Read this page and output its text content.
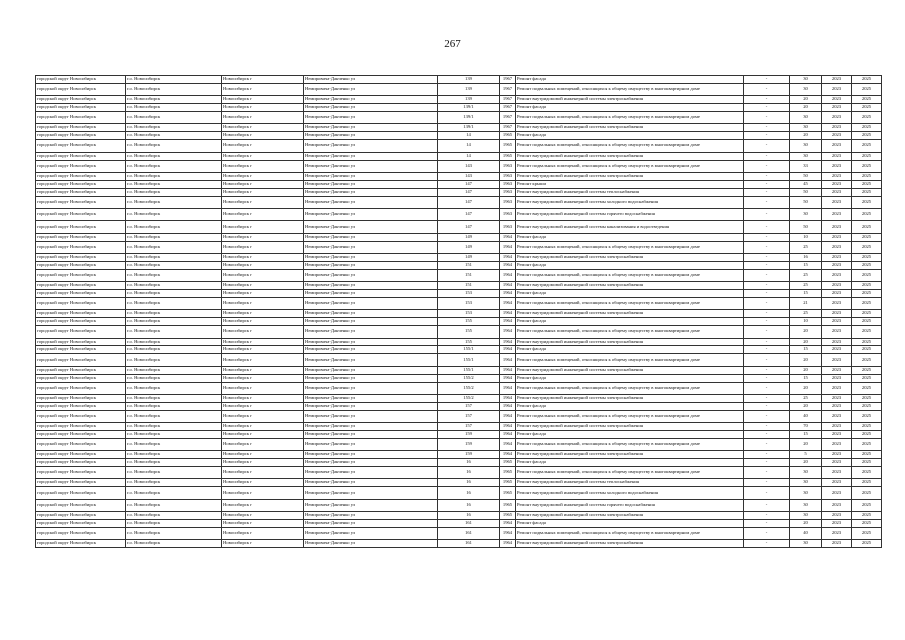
267
городской округ Новосибирск	г.о. Новосибирск	Новосибирск г	Немировича-Данченко ул	139	1967	Ремонт фасада	-	30	2023	2025
городской округ Новосибирск	г.о. Новосибирск	Новосибирск г	Немировича-Данченко ул	139	1967	Ремонт подвальных помещений, относящихся к общему имуществу в многоквартирном доме	-	30	2023	2025
городской округ Новосибирск	г.о. Новосибирск	Новосибирск г	Немировича-Данченко ул	139	1967	Ремонт внутридомовой инженерной системы электроснабжения	-	20	2023	2025
городской округ Новосибирск	г.о. Новосибирск	Новосибирск г	Немировича-Данченко ул	139/1	1967	Ремонт фасада	-	20	2023	2025
городской округ Новосибирск	г.о. Новосибирск	Новосибирск г	Немировича-Данченко ул	139/1	1967	Ремонт подвальных помещений, относящихся к общему имуществу в многоквартирном доме	-	30	2023	2025
городской округ Новосибирск	г.о. Новосибирск	Новосибирск г	Немировича-Данченко ул	139/1	1967	Ремонт внутридомовой инженерной системы электроснабжения	-	30	2023	2025
городской округ Новосибирск	г.о. Новосибирск	Новосибирск г	Немировича-Данченко ул	14	1965	Ремонт фасада	-	20	2023	2025
городской округ Новосибирск	г.о. Новосибирск	Новосибирск г	Немировича-Данченко ул	14	1965	Ремонт подвальных помещений, относящихся к общему имуществу в многоквартирном доме	-	30	2023	2025
городской округ Новосибирск	г.о. Новосибирск	Новосибирск г	Немировича-Данченко ул	14	1965	Ремонт внутридомовой инженерной системы электроснабжения	-	30	2023	2025
городской округ Новосибирск	г.о. Новосибирск	Новосибирск г	Немировича-Данченко ул	143	1963	Ремонт подвальных помещений, относящихся к общему имуществу в многоквартирном доме	-	33	2023	2025
городской округ Новосибирск	г.о. Новосибирск	Новосибирск г	Немировича-Данченко ул	143	1963	Ремонт внутридомовой инженерной системы электроснабжения	-	50	2023	2025
городской округ Новосибирск	г.о. Новосибирск	Новосибирск г	Немировича-Данченко ул	147	1963	Ремонт крыши	-	45	2023	2025
городской округ Новосибирск	г.о. Новосибирск	Новосибирск г	Немировича-Данченко ул	147	1963	Ремонт внутридомовой инженерной системы теплоснабжения	-	50	2023	2025
городской округ Новосибирск	г.о. Новосибирск	Новосибирск г	Немировича-Данченко ул	147	1963	Ремонт внутридомовой инженерной системы холодного водоснабжения	-	50	2023	2025
городской округ Новосибирск	г.о. Новосибирск	Новосибирск г	Немировича-Данченко ул	147	1963	Ремонт внутридомовой инженерной системы горячего водоснабжения	-	30	2023	2025
городской округ Новосибирск	г.о. Новосибирск	Новосибирск г	Немировича-Данченко ул	147	1963	Ремонт внутридомовой инженерной системы канализования и водоотведения	-	50	2023	2025
городской округ Новосибирск	г.о. Новосибирск	Новосибирск г	Немировича-Данченко ул	149	1964	Ремонт фасада	-	10	2023	2025
городской округ Новосибирск	г.о. Новосибирск	Новосибирск г	Немировича-Данченко ул	149	1964	Ремонт подвальных помещений, относящихся к общему имуществу в многоквартирном доме	-	25	2023	2025
городской округ Новосибирск	г.о. Новосибирск	Новосибирск г	Немировича-Данченко ул	149	1964	Ремонт внутридомовой инженерной системы электроснабжения	-	16	2023	2025
городской округ Новосибирск	г.о. Новосибирск	Новосибирск г	Немировича-Данченко ул	151	1964	Ремонт фасада	-	15	2023	2025
городской округ Новосибирск	г.о. Новосибирск	Новосибирск г	Немировича-Данченко ул	151	1964	Ремонт подвальных помещений, относящихся к общему имуществу в многоквартирном доме	-	25	2023	2025
городской округ Новосибирск	г.о. Новосибирск	Новосибирск г	Немировича-Данченко ул	151	1964	Ремонт внутридомовой инженерной системы электроснабжения	-	25	2023	2025
городской округ Новосибирск	г.о. Новосибирск	Новосибирск г	Немировича-Данченко ул	153	1964	Ремонт фасада	-	15	2023	2025
городской округ Новосибирск	г.о. Новосибирск	Новосибирск г	Немировича-Данченко ул	153	1964	Ремонт подвальных помещений, относящихся к общему имуществу в многоквартирном доме	-	21	2023	2025
городской округ Новосибирск	г.о. Новосибирск	Новосибирск г	Немировича-Данченко ул	153	1964	Ремонт внутридомовой инженерной системы электроснабжения	-	25	2023	2025
городской округ Новосибирск	г.о. Новосибирск	Новосибирск г	Немировича-Данченко ул	155	1964	Ремонт фасада	-	10	2023	2025
городской округ Новосибирск	г.о. Новосибирск	Новосибирск г	Немировича-Данченко ул	155	1964	Ремонт подвальных помещений, относящихся к общему имуществу в многоквартирном доме	-	20	2023	2025
городской округ Новосибирск	г.о. Новосибирск	Новосибирск г	Немировича-Данченко ул	155	1964	Ремонт внутридомовой инженерной системы электроснабжения	-	20	2023	2025
городской округ Новосибирск	г.о. Новосибирск	Новосибирск г	Немировича-Данченко ул	155/1	1964	Ремонт фасада	-	15	2023	2025
городской округ Новосибирск	г.о. Новосибирск	Новосибирск г	Немировича-Данченко ул	155/1	1964	Ремонт подвальных помещений, относящихся к общему имуществу в многоквартирном доме	-	20	2023	2025
городской округ Новосибирск	г.о. Новосибирск	Новосибирск г	Немировича-Данченко ул	155/1	1964	Ремонт внутридомовой инженерной системы электроснабжения	-	20	2023	2025
городской округ Новосибирск	г.о. Новосибирск	Новосибирск г	Немировича-Данченко ул	155/2	1964	Ремонт фасада	-	15	2023	2025
городской округ Новосибирск	г.о. Новосибирск	Новосибирск г	Немировича-Данченко ул	155/2	1964	Ремонт подвальных помещений, относящихся к общему имуществу в многоквартирном доме	-	20	2023	2025
городской округ Новосибирск	г.о. Новосибирск	Новосибирск г	Немировича-Данченко ул	155/2	1964	Ремонт внутридомовой инженерной системы электроснабжения	-	25	2023	2025
городской округ Новосибирск	г.о. Новосибирск	Новосибирск г	Немировича-Данченко ул	157	1964	Ремонт фасада	-	20	2023	2025
городской округ Новосибирск	г.о. Новосибирск	Новосибирск г	Немировича-Данченко ул	157	1964	Ремонт подвальных помещений, относящихся к общему имуществу в многоквартирном доме	-	40	2023	2025
городской округ Новосибирск	г.о. Новосибирск	Новосибирск г	Немировича-Данченко ул	157	1964	Ремонт внутридомовой инженерной системы электроснабжения	-	70	2023	2025
городской округ Новосибирск	г.о. Новосибирск	Новосибирск г	Немировича-Данченко ул	159	1964	Ремонт фасада	-	15	2023	2025
городской округ Новосибирск	г.о. Новосибирск	Новосибирск г	Немировича-Данченко ул	159	1964	Ремонт подвальных помещений, относящихся к общему имуществу в многоквартирном доме	-	20	2023	2025
городской округ Новосибирск	г.о. Новосибирск	Новосибирск г	Немировича-Данченко ул	159	1964	Ремонт внутридомовой инженерной системы электроснабжения	-	5	2023	2025
городской округ Новосибирск	г.о. Новосибирск	Новосибирск г	Немировича-Данченко ул	16	1965	Ремонт фасада	-	20	2023	2025
городской округ Новосибирск	г.о. Новосибирск	Новосибирск г	Немировича-Данченко ул	16	1965	Ремонт подвальных помещений, относящихся к общему имуществу в многоквартирном доме	-	30	2023	2025
городской округ Новосибирск	г.о. Новосибирск	Новосибирск г	Немировича-Данченко ул	16	1965	Ремонт внутридомовой инженерной системы теплоснабжения	-	30	2023	2025
городской округ Новосибирск	г.о. Новосибирск	Новосибирск г	Немировича-Данченко ул	16	1965	Ремонт внутридомовой инженерной системы холодного водоснабжения	-	30	2023	2025
городской округ Новосибирск	г.о. Новосибирск	Новосибирск г	Немировича-Данченко ул	16	1965	Ремонт внутридомовой инженерной системы горячего водоснабжения	-	30	2023	2025
городской округ Новосибирск	г.о. Новосибирск	Новосибирск г	Немировича-Данченко ул	16	1965	Ремонт внутридомовой инженерной системы электроснабжения	-	30	2023	2025
городской округ Новосибирск	г.о. Новосибирск	Новосибирск г	Немировича-Данченко ул	161	1964	Ремонт фасада	-	20	2023	2025
городской округ Новосибирск	г.о. Новосибирск	Новосибирск г	Немировича-Данченко ул	161	1964	Ремонт подвальных помещений, относящихся к общему имуществу в многоквартирном доме	-	40	2023	2025
городской округ Новосибирск	г.о. Новосибирск	Новосибирск г	Немировича-Данченко ул	161	1964	Ремонт внутридомовой инженерной системы электроснабжения	-	30	2023	2025
